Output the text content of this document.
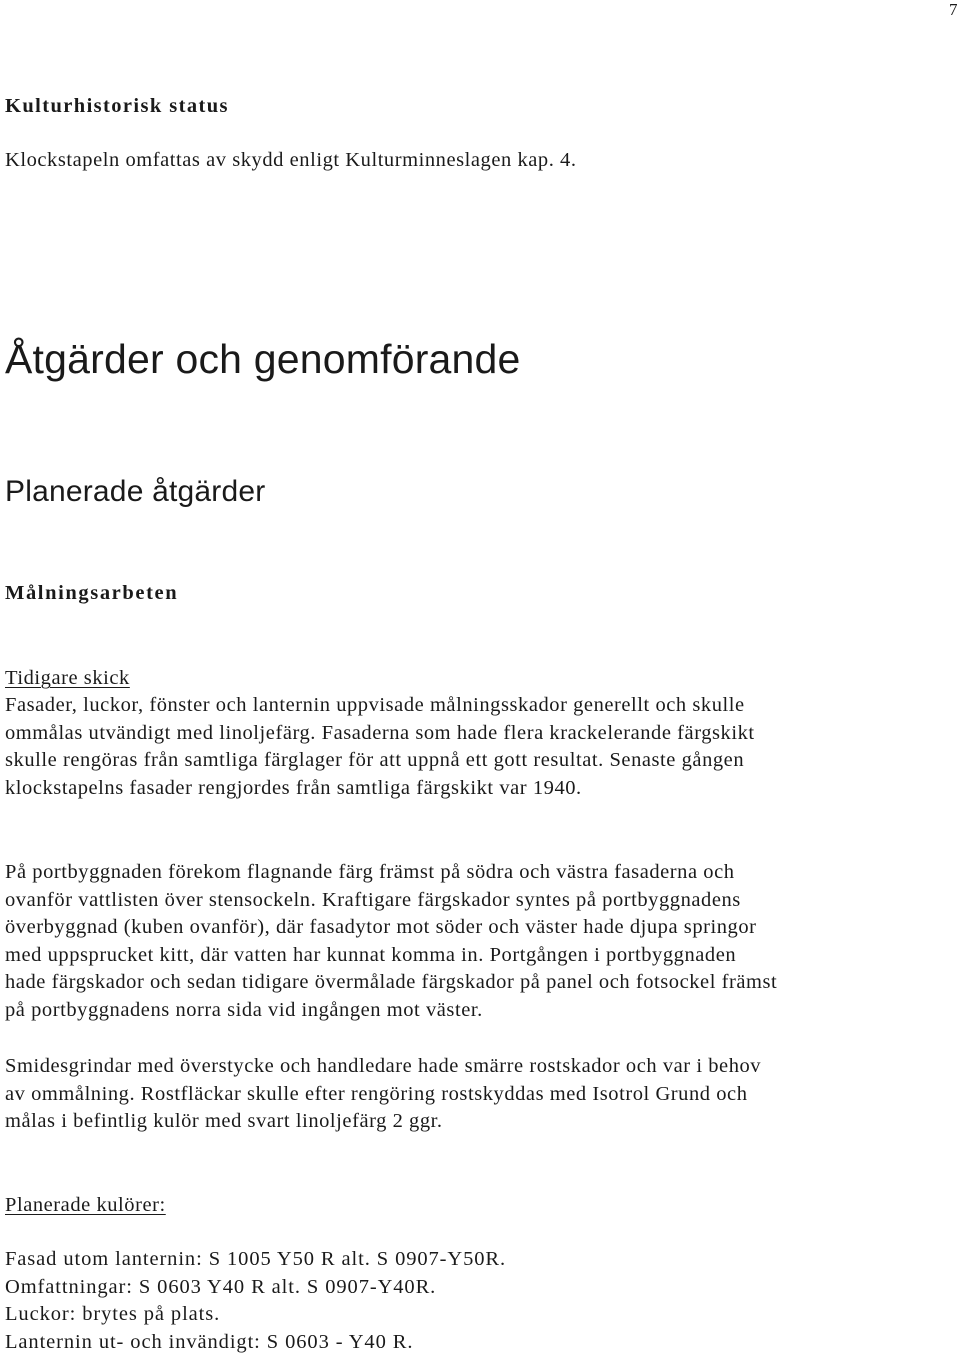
7
Kulturhistorisk status
Klockstapeln omfattas av skydd enligt Kulturminneslagen kap. 4.
Åtgärder och genomförande
Planerade åtgärder
Målningsarbeten
Tidigare skick
Fasader, luckor, fönster och lanternin uppvisade målningsskador generellt och skulle
ommålas utvändigt med linoljefärg. Fasaderna som hade flera krackelerande färgskikt
skulle rengöras från samtliga färglager för att uppnå ett gott resultat. Senaste gången
klockstapelns fasader rengjordes från samtliga färgskikt var 1940.
På portbyggnaden förekom flagnande färg främst på södra och västra fasaderna och
ovanför vattlisten över stensockeln. Kraftigare färgskador syntes på portbyggnadens
överbyggnad (kuben ovanför), där fasadytor mot söder och väster hade djupa springor
med uppsprucket kitt, där vatten har kunnat komma in. Portgången i portbyggnaden
hade färgskador och sedan tidigare övermålade färgskador på panel och fotsockel främst
på portbyggnadens norra sida vid ingången mot väster.
Smidesgrindar med överstycke och handledare hade smärre rostskador och var i behov
av ommålning. Rostfläckar skulle efter rengöring rostskyddas med Isotrol Grund och
målas i befintlig kulör med svart linoljefärg 2 ggr.
Planerade kulörer:
Fasad utom lanternin: S 1005 Y50 R alt. S 0907-Y50R.
Omfattningar: S 0603 Y40 R alt. S 0907-Y40R.
Luckor: brytes på plats.
Lanternin ut- och invändigt: S 0603 - Y40 R.
